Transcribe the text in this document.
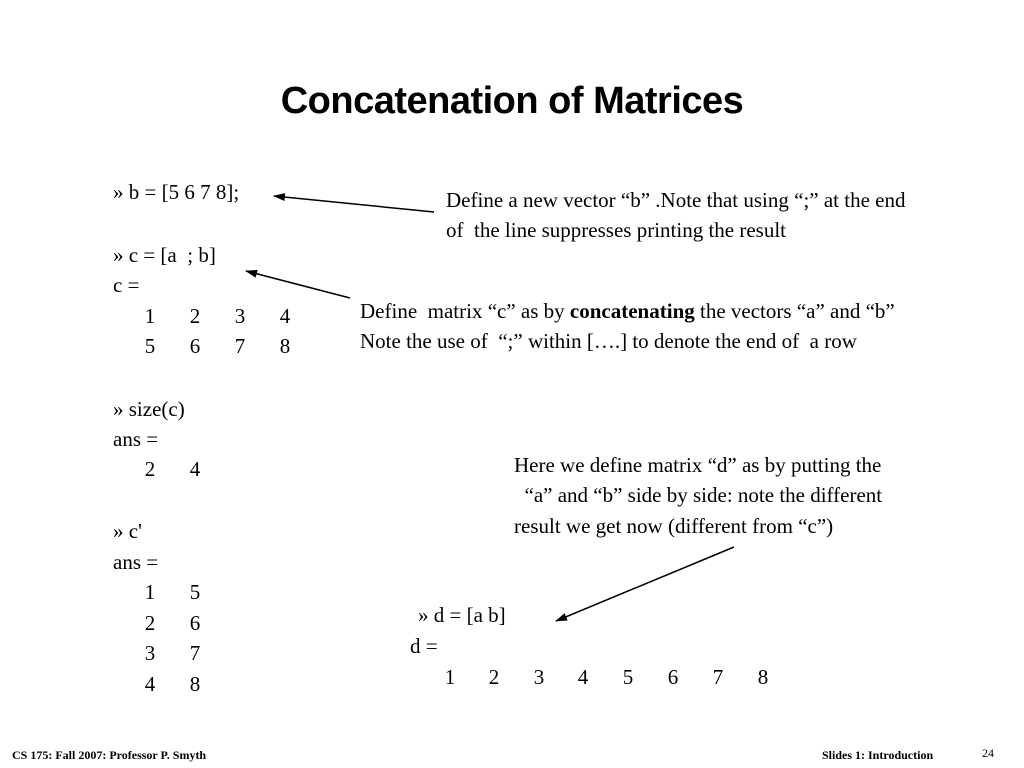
Concatenation of Matrices
» b = [5 6 7 8];
» c = [a  ; b]
c =
1 2 3 4
5 6 7 8
» size(c)
ans =
2 4
» c'
ans =
1 5
2 6
3 7
4 8
» d = [a b]
d =
1 2 3 4 5 6 7 8
Define a new vector “b” .Note that using “;” at the end
of  the line suppresses printing the result
Define  matrix “c” as by concatenating the vectors “a” and “b”
Note the use of  “;” within [….] to denote the end of  a row
Here we define matrix “d” as by putting the
“a” and “b” side by side: note the different
result we get now (different from “c”)
CS 175: Fall 2007: Professor P. Smyth	Slides 1: Introduction	24
